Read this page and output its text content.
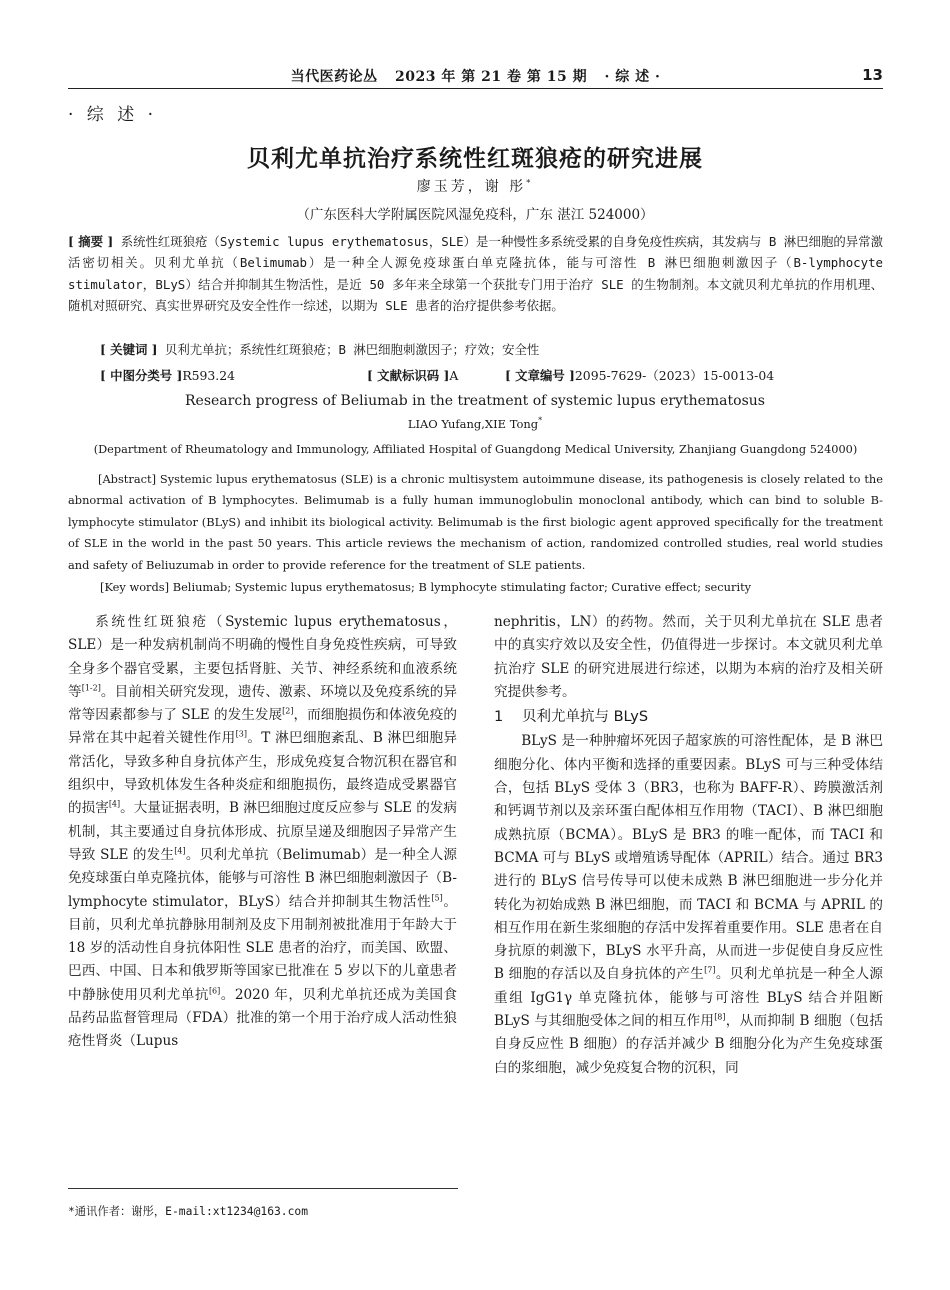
当代医药论丛 2023 年 第 21 卷 第 15 期 · 综 述 ·	13
· 综 述 ·
贝利尤单抗治疗系统性红斑狼疮的研究进展
廖玉芳，谢 彤*
（广东医科大学附属医院风湿免疫科，广东 湛江 524000）
[ 摘要 ] 系统性红斑狼疮（Systemic lupus erythematosus，SLE）是一种慢性多系统受累的自身免疫性疾病，其发病与 B 淋巴细胞的异常激活密切相关。贝利尤单抗（Belimumab）是一种全人源免疫球蛋白单克隆抗体，能与可溶性 B 淋巴细胞刺激因子（B-lymphocyte stimulator，BLyS）结合并抑制其生物活性，是近 50 多年来全球第一个获批专门用于治疗 SLE 的生物制剂。本文就贝利尤单抗的作用机理、随机对照研究、真实世界研究及安全性作一综述，以期为 SLE 患者的治疗提供参考依据。
[ 关键词 ] 贝利尤单抗；系统性红斑狼疮；B 淋巴细胞刺激因子；疗效；安全性
[ 中图分类号 ]R593.24	[ 文献标识码 ]A	[ 文章编号 ]2095-7629-（2023）15-0013-04
Research progress of Beliumab in the treatment of systemic lupus erythematosus
LIAO Yufang,XIE Tong*
(Department of Rheumatology and Immunology, Affiliated Hospital of Guangdong Medical University, Zhanjiang Guangdong 524000)
[Abstract] Systemic lupus erythematosus (SLE) is a chronic multisystem autoimmune disease, its pathogenesis is closely related to the abnormal activation of B lymphocytes. Belimumab is a fully human immunoglobulin monoclonal antibody, which can bind to soluble B-lymphocyte stimulator (BLyS) and inhibit its biological activity. Belimumab is the first biologic agent approved specifically for the treatment of SLE in the world in the past 50 years. This article reviews the mechanism of action, randomized controlled studies, real world studies and safety of Beliuzumab in order to provide reference for the treatment of SLE patients.
[Key words] Beliumab; Systemic lupus erythematosus; B lymphocyte stimulating factor; Curative effect; security

系统性红斑狼疮（Systemic lupus erythematosus，SLE）是一种发病机制尚不明确的慢性自身免疫性疾病，可导致全身多个器官受累，主要包括肾脏、关节、神经系统和血液系统等[1-2]。目前相关研究发现，遗传、激素、环境以及免疫系统的异常等因素都参与了 SLE 的发生发展[2]，而细胞损伤和体液免疫的异常在其中起着关键性作用[3]。T 淋巴细胞紊乱、B 淋巴细胞异常活化，导致多种自身抗体产生，形成免疫复合物沉积在器官和组织中，导致机体发生各种炎症和细胞损伤，最终造成受累器官的损害[4]。大量证据表明，B 淋巴细胞过度反应参与 SLE 的发病机制，其主要通过自身抗体形成、抗原呈递及细胞因子异常产生导致 SLE 的发生[4]。贝利尤单抗（Belimumab）是一种全人源免疫球蛋白单克隆抗体，能够与可溶性 B 淋巴细胞刺激因子（B-lymphocyte stimulator，BLyS）结合并抑制其生物活性[5]。目前，贝利尤单抗静脉用制剂及皮下用制剂被批准用于年龄大于 18 岁的活动性自身抗体阳性 SLE 患者的治疗，而美国、欧盟、巴西、中国、日本和俄罗斯等国家已批准在 5 岁以下的儿童患者中静脉使用贝利尤单抗[6]。2020 年，贝利尤单抗还成为美国食品药品监督管理局（FDA）批准的第一个用于治疗成人活动性狼疮性肾炎（Lupus

nephritis，LN）的药物。然而，关于贝利尤单抗在 SLE 患者中的真实疗效以及安全性，仍值得进一步探讨。本文就贝利尤单抗治疗 SLE 的研究进展进行综述，以期为本病的治疗及相关研究提供参考。

1 贝利尤单抗与 BLyS

BLyS 是一种肿瘤坏死因子超家族的可溶性配体，是 B 淋巴细胞分化、体内平衡和选择的重要因素。BLyS 可与三种受体结合，包括 BLyS 受体 3（BR3，也称为 BAFF-R）、跨膜激活剂和钙调节剂以及亲环蛋白配体相互作用物（TACI）、B 淋巴细胞成熟抗原（BCMA）。BLyS 是 BR3 的唯一配体，而 TACI 和 BCMA 可与 BLyS 或增殖诱导配体（APRIL）结合。通过 BR3 进行的 BLyS 信号传导可以使未成熟 B 淋巴细胞进一步分化并转化为初始成熟 B 淋巴细胞，而 TACI 和 BCMA 与 APRIL 的相互作用在新生浆细胞的存活中发挥着重要作用。SLE 患者在自身抗原的刺激下，BLyS 水平升高，从而进一步促使自身反应性 B 细胞的存活以及自身抗体的产生[7]。贝利尤单抗是一种全人源重组 IgG1γ 单克隆抗体，能够与可溶性 BLyS 结合并阻断 BLyS 与其细胞受体之间的相互作用[8]，从而抑制 B 细胞（包括自身反应性 B 细胞）的存活并减少 B 细胞分化为产生免疫球蛋白的浆细胞，减少免疫复合物的沉积，同

*通讯作者：谢彤，E-mail:xt1234@163.com
